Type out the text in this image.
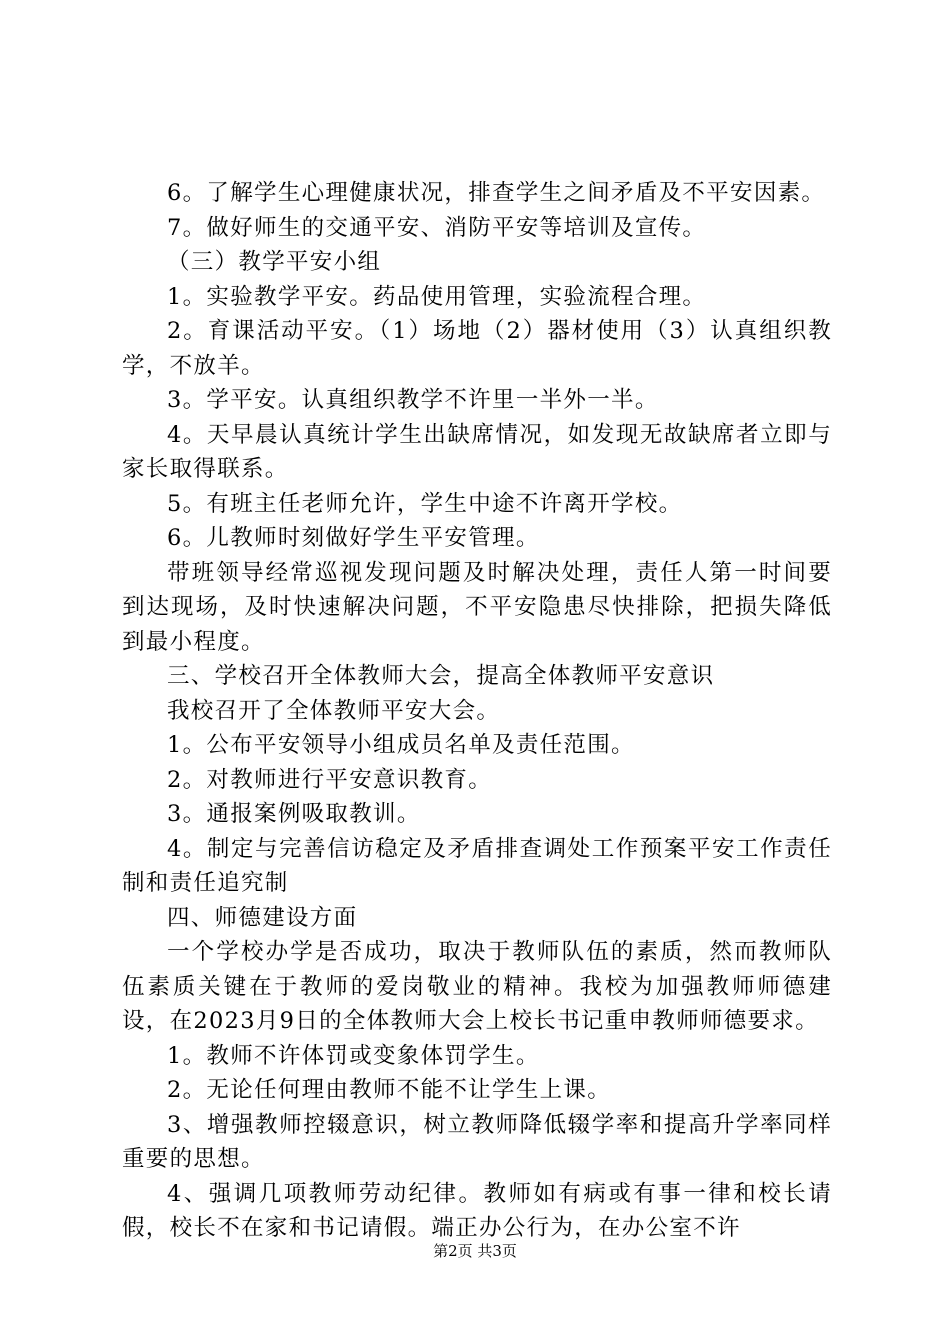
6。了解学生心理健康状况，排查学生之间矛盾及不平安因素。

7。做好师生的交通平安、消防平安等培训及宣传。

（三）教学平安小组

1。实验教学平安。药品使用管理，实验流程合理。

2。育课活动平安。（1）场地（2）器材使用（3）认真组织教学，不放羊。

3。学平安。认真组织教学不许里一半外一半。

4。天早晨认真统计学生出缺席情况，如发现无故缺席者立即与家长取得联系。

5。有班主任老师允许，学生中途不许离开学校。

6。儿教师时刻做好学生平安管理。

带班领导经常巡视发现问题及时解决处理，责任人第一时间要到达现场，及时快速解决问题，不平安隐患尽快排除，把损失降低到最小程度。

三、学校召开全体教师大会，提高全体教师平安意识

我校召开了全体教师平安大会。

1。公布平安领导小组成员名单及责任范围。

2。对教师进行平安意识教育。

3。通报案例吸取教训。

4。制定与完善信访稳定及矛盾排查调处工作预案平安工作责任制和责任追究制

四、师德建设方面

一个学校办学是否成功，取决于教师队伍的素质，然而教师队伍素质关键在于教师的爱岗敬业的精神。我校为加强教师师德建设，在2023月9日的全体教师大会上校长书记重申教师师德要求。

1。教师不许体罚或变象体罚学生。

2。无论任何理由教师不能不让学生上课。

3、增强教师控辍意识，树立教师降低辍学率和提高升学率同样重要的思想。

4、强调几项教师劳动纪律。教师如有病或有事一律和校长请假，校长不在家和书记请假。端正办公行为，在办公室不许

第2页 共3页
